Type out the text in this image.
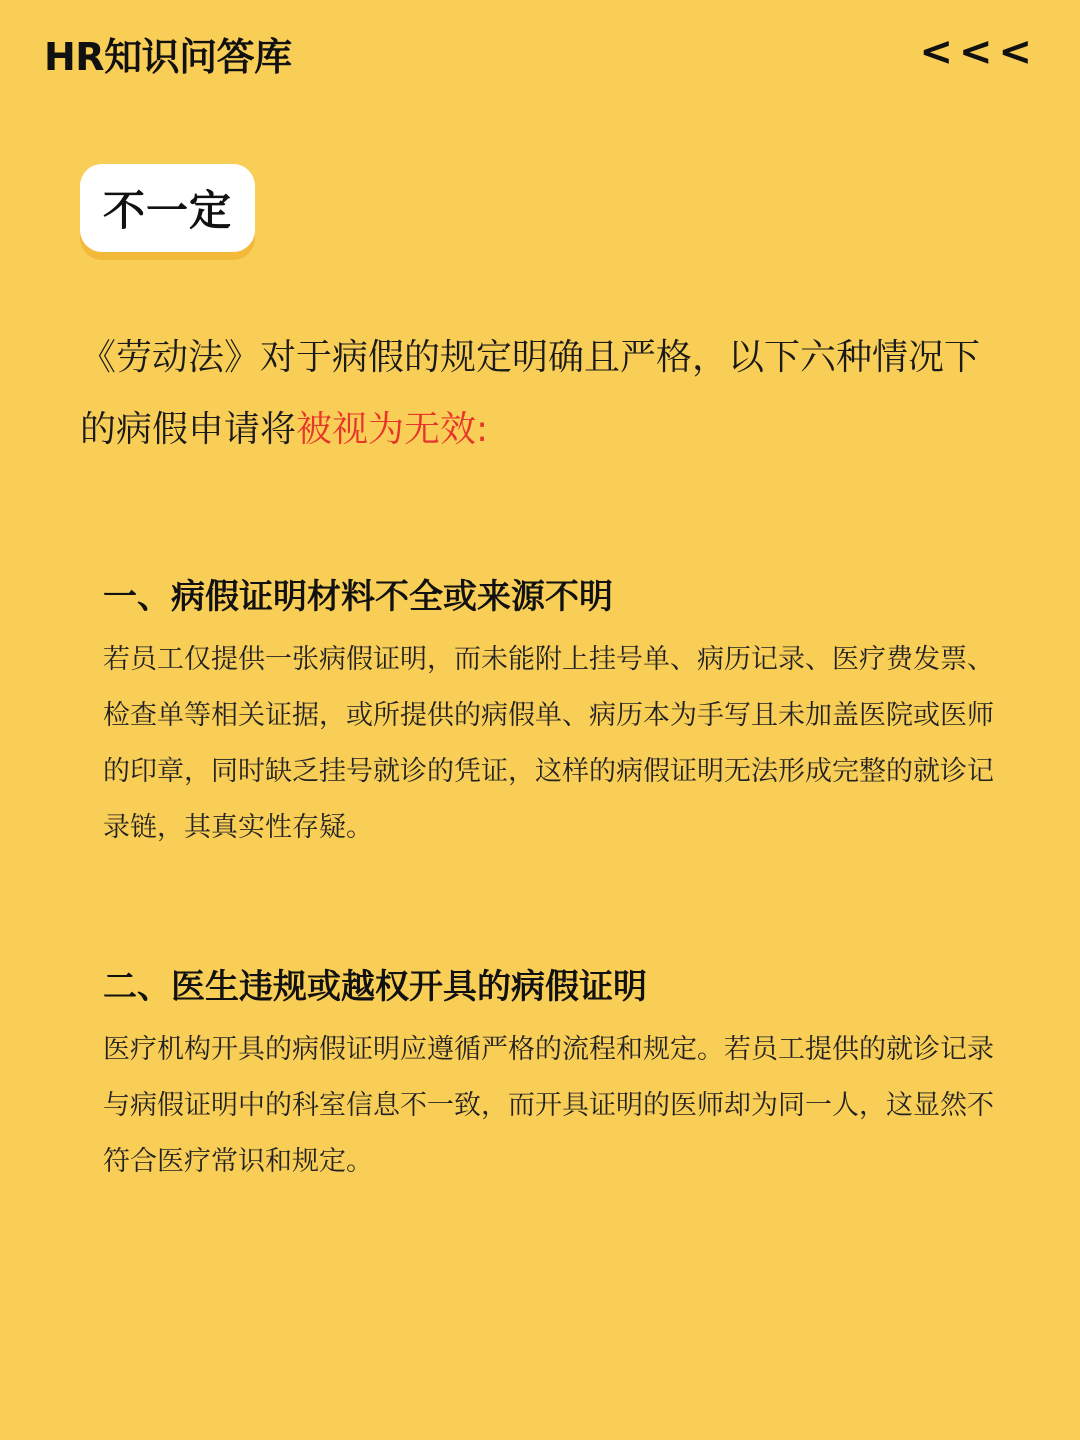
HR知识问答库	<<<
不一定
《劳动法》对于病假的规定明确且严格，以下六种情况下的病假申请将被视为无效:
一、病假证明材料不全或来源不明

若员工仅提供一张病假证明，而未能附上挂号单、病历记录、医疗费发票、检查单等相关证据，或所提供的病假单、病历本为手写且未加盖医院或医师的印章，同时缺乏挂号就诊的凭证，这样的病假证明无法形成完整的就诊记录链，其真实性存疑。

二、医生违规或越权开具的病假证明

医疗机构开具的病假证明应遵循严格的流程和规定。若员工提供的就诊记录与病假证明中的科室信息不一致，而开具证明的医师却为同一人，这显然不符合医疗常识和规定。
